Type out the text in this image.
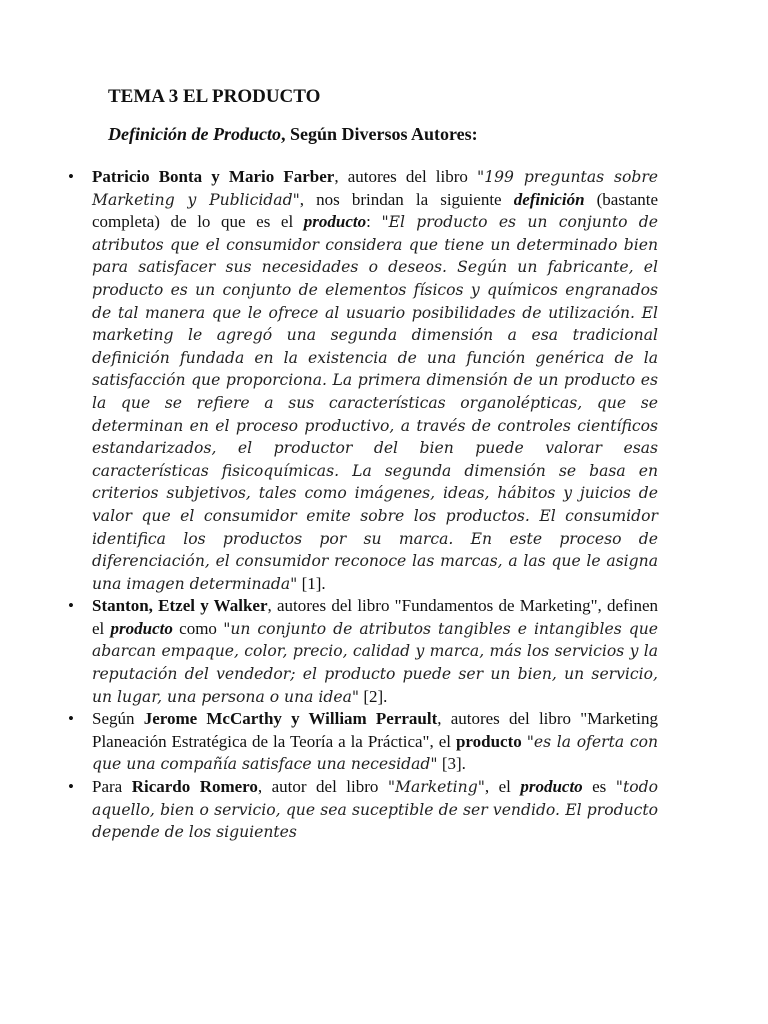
TEMA 3 EL PRODUCTO

Definición de Producto, Según Diversos Autores:

• Patricio Bonta y Mario Farber, autores del libro "199 preguntas sobre Marketing y Publicidad", nos brindan la siguiente definición (bastante completa) de lo que es el producto: "El producto es un conjunto de atributos que el consumidor considera que tiene un determinado bien para satisfacer sus necesidades o deseos. Según un fabricante, el producto es un conjunto de elementos físicos y químicos engranados de tal manera que le ofrece al usuario posibilidades de utilización. El marketing le agregó una segunda dimensión a esa tradicional definición fundada en la existencia de una función genérica de la satisfacción que proporciona. La primera dimensión de un producto es la que se refiere a sus características organolépticas, que se determinan en el proceso productivo, a través de controles científicos estandarizados, el productor del bien puede valorar esas características fisicoquímicas. La segunda dimensión se basa en criterios subjetivos, tales como imágenes, ideas, hábitos y juicios de valor que el consumidor emite sobre los productos. El consumidor identifica los productos por su marca. En este proceso de diferenciación, el consumidor reconoce las marcas, a las que le asigna una imagen determinada" [1].
• Stanton, Etzel y Walker, autores del libro "Fundamentos de Marketing", definen el producto como "un conjunto de atributos tangibles e intangibles que abarcan empaque, color, precio, calidad y marca, más los servicios y la reputación del vendedor; el producto puede ser un bien, un servicio, un lugar, una persona o una idea" [2].
• Según Jerome McCarthy y William Perrault, autores del libro "Marketing Planeación Estratégica de la Teoría a la Práctica", el producto "es la oferta con que una compañía satisface una necesidad" [3].
• Para Ricardo Romero, autor del libro "Marketing", el producto es "todo aquello, bien o servicio, que sea suceptible de ser vendido. El producto depende de los siguientes
